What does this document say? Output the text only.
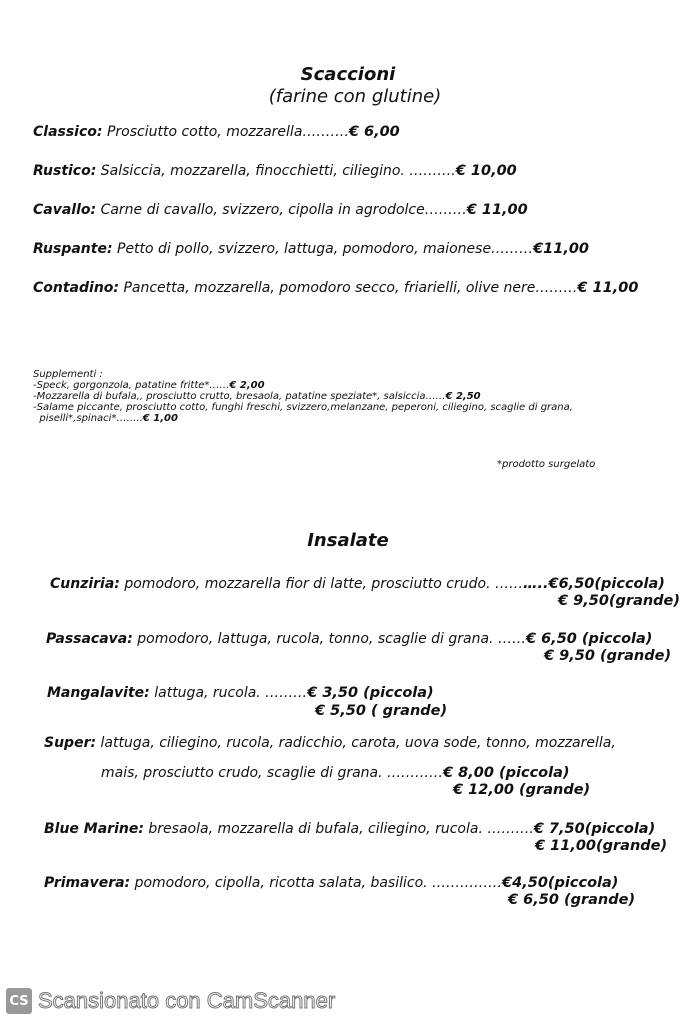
Scaccioni
(farine con glutine)
Classico: Prosciutto cotto, mozzarella……….€ 6,00
Rustico: Salsiccia, mozzarella, finocchietti, ciliegino. ……….€ 10,00
Cavallo: Carne di cavallo, svizzero, cipolla in agrodolce………€ 11,00
Ruspante: Petto di pollo, svizzero, lattuga, pomodoro, maionese………€11,00
Contadino: Pancetta, mozzarella, pomodoro secco, friarielli, olive nere………€ 11,00
Supplementi :
-Speck, gorgonzola, patatine fritte*……€ 2,00
-Mozzarella di bufala,, prosciutto crutto, bresaola, patatine speziate*, salsiccia……€ 2,50
-Salame piccante, prosciutto cotto, funghi freschi, svizzero,melanzane, peperoni, ciliegino, scaglie di grana,
piselli*,spinaci*……..€ 1,00
*prodotto surgelato
Insalate
Cunziria: pomodoro, mozzarella fior di latte, prosciutto crudo. ………..€6,50(piccola)
€ 9,50(grande)
Passacava: pomodoro, lattuga, rucola, tonno, scaglie di grana. ……€ 6,50 (piccola)
€ 9,50 (grande)
Mangalavite: lattuga, rucola. ………€ 3,50 (piccola)
€ 5,50 ( grande)
Super: lattuga, ciliegino, rucola, radicchio, carota, uova sode, tonno, mozzarella,
mais, prosciutto crudo, scaglie di grana. …………€ 8,00 (piccola)
€ 12,00 (grande)
Blue Marine: bresaola, mozzarella di bufala, ciliegino, rucola. ……….€ 7,50(piccola)
€ 11,00(grande)
Primavera: pomodoro, cipolla, ricotta salata, basilico. ……………€4,50(piccola)
€ 6,50 (grande)
CS Scansionato con CamScanner
